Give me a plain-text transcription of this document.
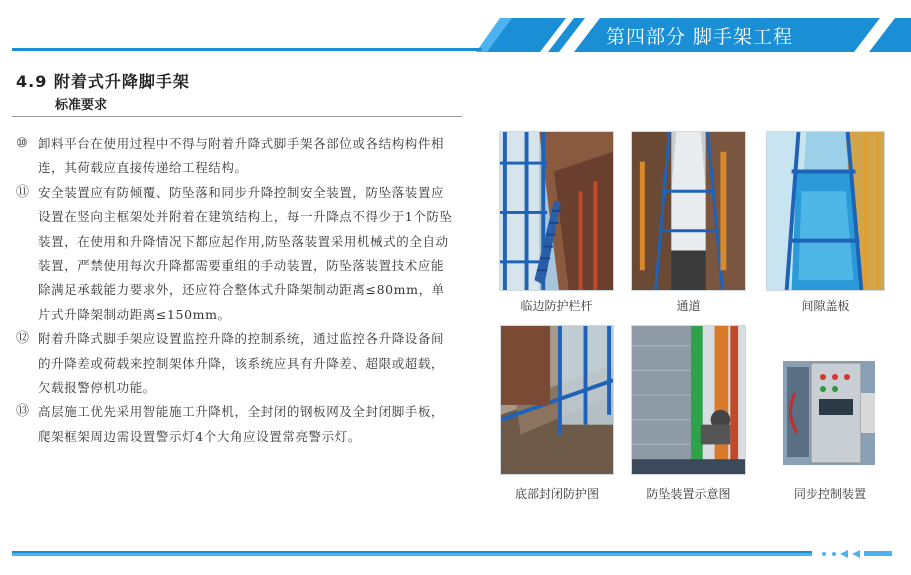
第四部分 脚手架工程
4.9 附着式升降脚手架
标准要求
⑩ 卸料平台在使用过程中不得与附着升降式脚手架各部位或各结构构件相连，其荷载应直接传递给工程结构。
⑪ 安全装置应有防倾覆、防坠落和同步升降控制安全装置，防坠落装置应设置在竖向主框架处并附着在建筑结构上，每一升降点不得少于1个防坠装置，在使用和升降情况下都应起作用,防坠落装置采用机械式的全自动装置，严禁使用每次升降都需要重组的手动装置，防坠落装置技术应能除满足承载能力要求外，还应符合整体式升降架制动距离≤80mm，单片式升降架制动距离≤150mm。
⑫ 附着升降式脚手架应设置监控升降的控制系统，通过监控各升降设备间的升降差或荷载来控制架体升降，该系统应具有升降差、超限或超载，欠载报警停机功能。
⑬ 高层施工优先采用智能施工升降机，全封闭的钢板网及全封闭脚手板，爬架框架周边需设置警示灯4个大角应设置常亮警示灯。
临边防护栏杆	通道	间隙盖板
底部封闭防护图	防坠装置示意图	同步控制装置
